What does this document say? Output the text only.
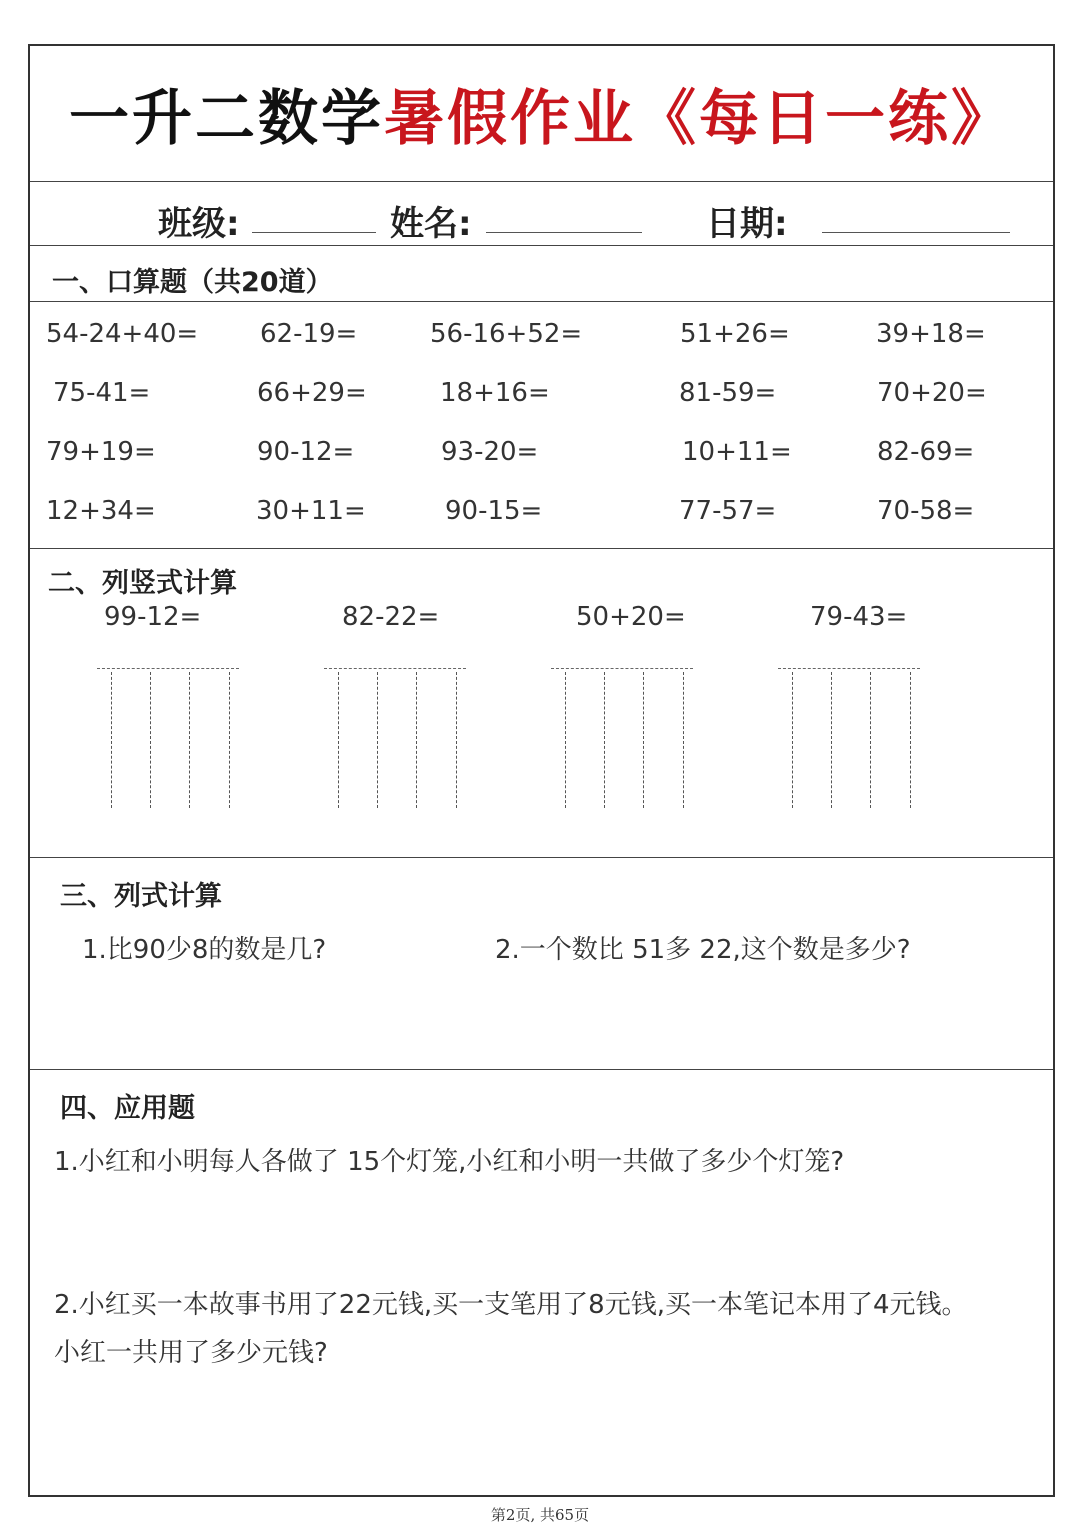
一升二数学暑假作业《每日一练》
班级:	姓名:	日期:
一、口算题（共20道）
54-24+40= 62-19=	56-16+52=	51+26=	39+18=
75-41=	66+29=	18+16=	81-59=	70+20=
79+19=	90-12=	93-20=	10+11=	82-69=
12+34=	30+11=	90-15=	77-57=	70-58=
二、列竖式计算
99-12=	82-22=	50+20=	79-43=
三、列式计算
1.比90少8的数是几?	2.一个数比 51多 22,这个数是多少?
四、应用题
1.小红和小明每人各做了 15个灯笼,小红和小明一共做了多少个灯笼?
2.小红买一本故事书用了22元钱,买一支笔用了8元钱,买一本笔记本用了4元钱。
小红一共用了多少元钱?
第2页, 共65页
